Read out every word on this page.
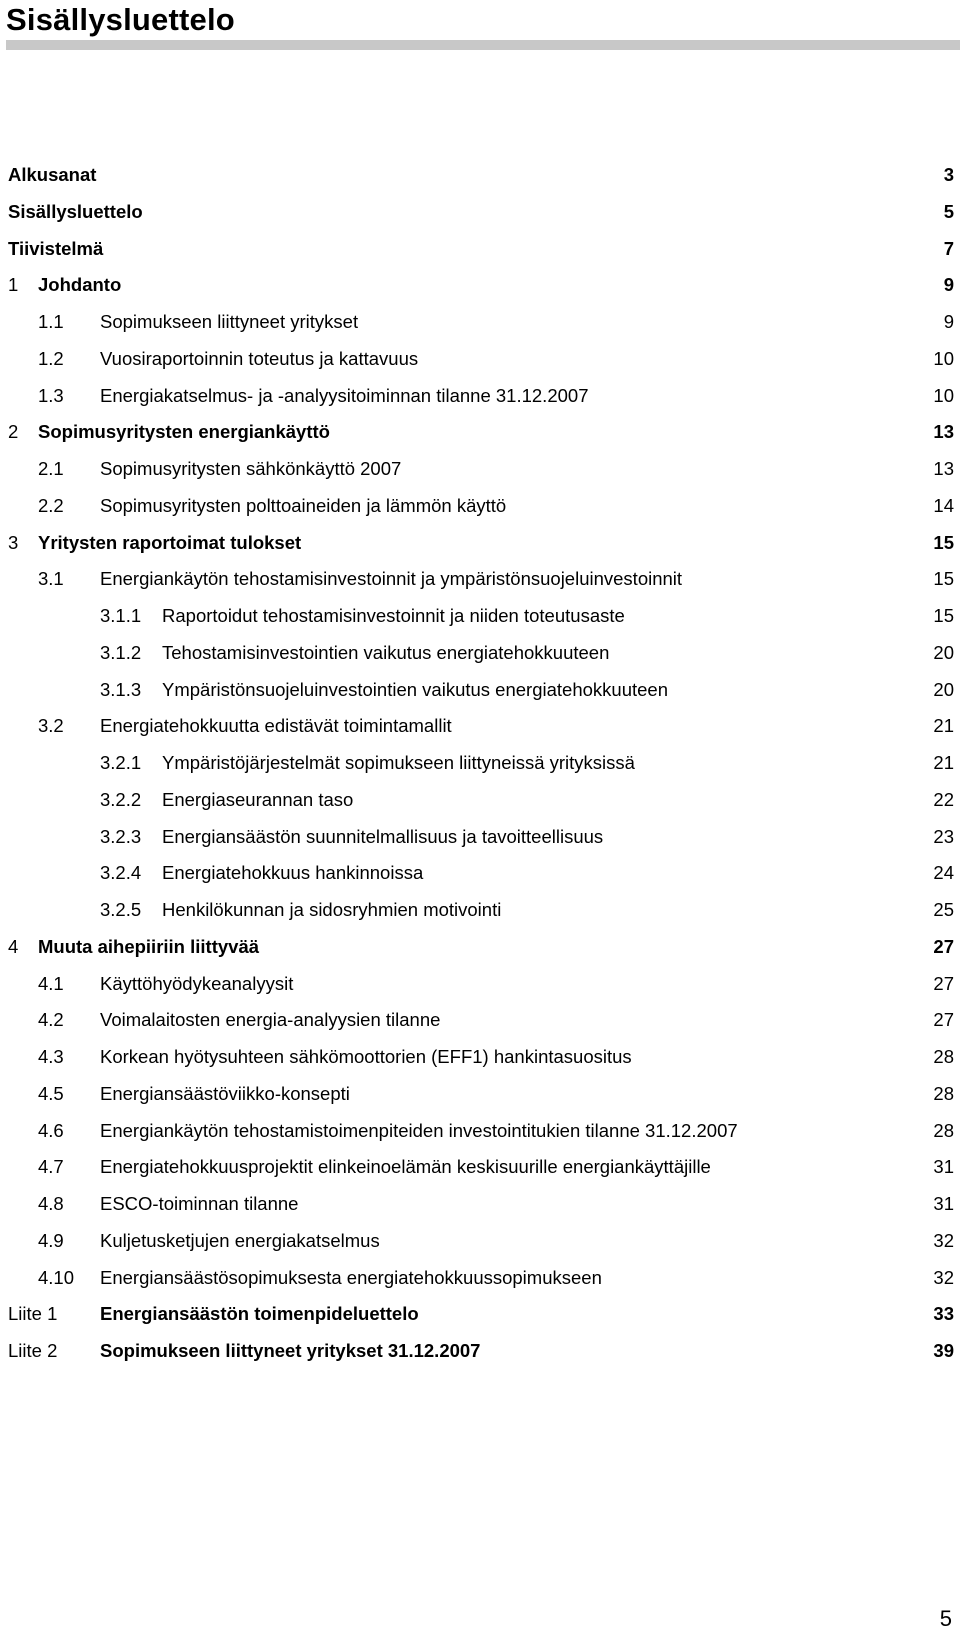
Sisällysluettelo
Alkusanat	3
Sisällysluettelo	5
Tiivistelmä	7
1 Johdanto	9
1.1 Sopimukseen liittyneet yritykset	9
1.2 Vuosiraportoinnin toteutus ja kattavuus	10
1.3 Energiakatselmus- ja -analyysitoiminnan tilanne 31.12.2007	10
2 Sopimusyritysten energiankäyttö	13
2.1 Sopimusyritysten sähkönkäyttö 2007	13
2.2 Sopimusyritysten polttoaineiden ja lämmön käyttö	14
3 Yritysten raportoimat tulokset	15
3.1 Energiankäytön tehostamisinvestoinnit ja ympäristönsuojeluinvestoinnit	15
3.1.1 Raportoidut tehostamisinvestoinnit ja niiden toteutusaste	15
3.1.2 Tehostamisinvestointien vaikutus energiatehokkuuteen	20
3.1.3 Ympäristönsuojeluinvestointien vaikutus energiatehokkuuteen	20
3.2 Energiatehokkuutta edistävät toimintamallit	21
3.2.1 Ympäristöjärjestelmät sopimukseen liittyneissä yrityksissä	21
3.2.2 Energiaseurannan taso	22
3.2.3 Energiansäästön suunnitelmallisuus ja tavoitteellisuus	23
3.2.4 Energiatehokkuus hankinnoissa	24
3.2.5 Henkilökunnan ja sidosryhmien motivointi	25
4 Muuta aihepiiriin liittyvää	27
4.1 Käyttöhyödykeanalyysit	27
4.2 Voimalaitosten energia-analyysien tilanne	27
4.3 Korkean hyötysuhteen sähkömoottorien (EFF1) hankintasuositus	28
4.5 Energiansäästöviikko-konsepti	28
4.6 Energiankäytön tehostamistoimenpiteiden investointitukien tilanne 31.12.2007	28
4.7 Energiatehokkuusprojektit elinkeinoelämän keskisuurille energiankäyttäjille	31
4.8 ESCO-toiminnan tilanne	31
4.9 Kuljetusketjujen energiakatselmus	32
4.10 Energiansäästösopimuksesta energiatehokkuussopimukseen	32
Liite 1 Energiansäästön toimenpideluettelo	33
Liite 2 Sopimukseen liittyneet yritykset 31.12.2007	39
5
